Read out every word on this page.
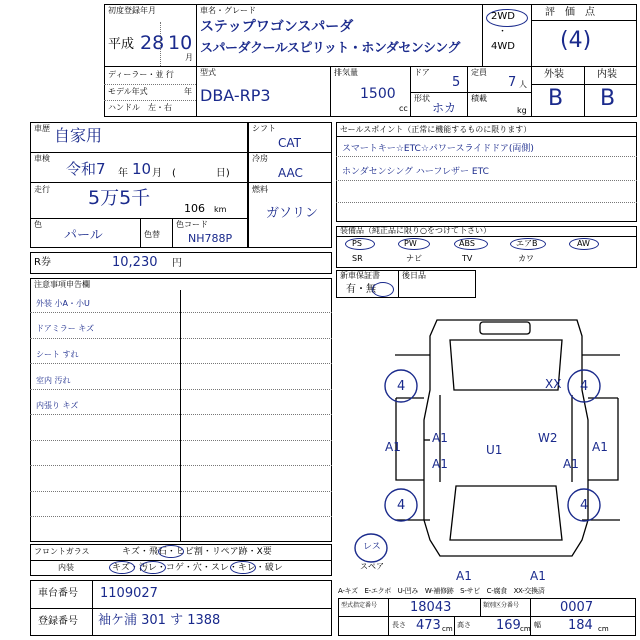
初度登録年月
平成 28 10
月
車名・グレード
ステップワゴンスパーダ
スパーダクールスピリット・ホンダセンシング
2WD
・
4WD
ディーラー・並 行
モデル年式	年
ハンドル　左・右
型式
DBA-RP3
排気量
1500
cc
ドア
5
定員
7 人
形状
ホカ
積載
kg
評　価　点
(4)
外装	内装
B B
車歴 自家用
車検
令和7 年 10 月 (　　　　日)
走行 5万5千	106 km
色
パール	色替
色コード
NH788P
シフト
CAT
冷房
AAC
燃料
ガソリン
セールスポイント（正常に機能するものに限ります）
スマートキー☆ETC☆パワースライドドア(両側)
ホンダセンシング ハーフレザー ETC
装備品（純正品に限り○をつけて下さい）
PS	PW	ABS	エアB	AW
SR	ナビ	TV	カワ
R券	10,230 円
新車保証書
有・無
後日品
注意事項申告欄
外装 小A・小U
ドアミラー キズ
シート すれ
室内 汚れ
内張り キズ
フロントガラス	キズ・飛石・ヒビ割・リペア跡・X要
内装	キズ・汚レ・コゲ・穴・スレ・キレ・破レ
車台番号 1109027
登録番号 袖ケ浦 301 す 1388
4	4
4	4
XX
A1
A1
A1	U1
W2
A1
A1
A1	A1
レス
スペア
A-キズ　E-エクボ　U-凹み　W-補修跡　S-サビ　C-腐食　XX-交換済
型式指定番号	18043	類別区分番号	0007
長さ 473 cm 高さ 169 cm 幅 184 cm
